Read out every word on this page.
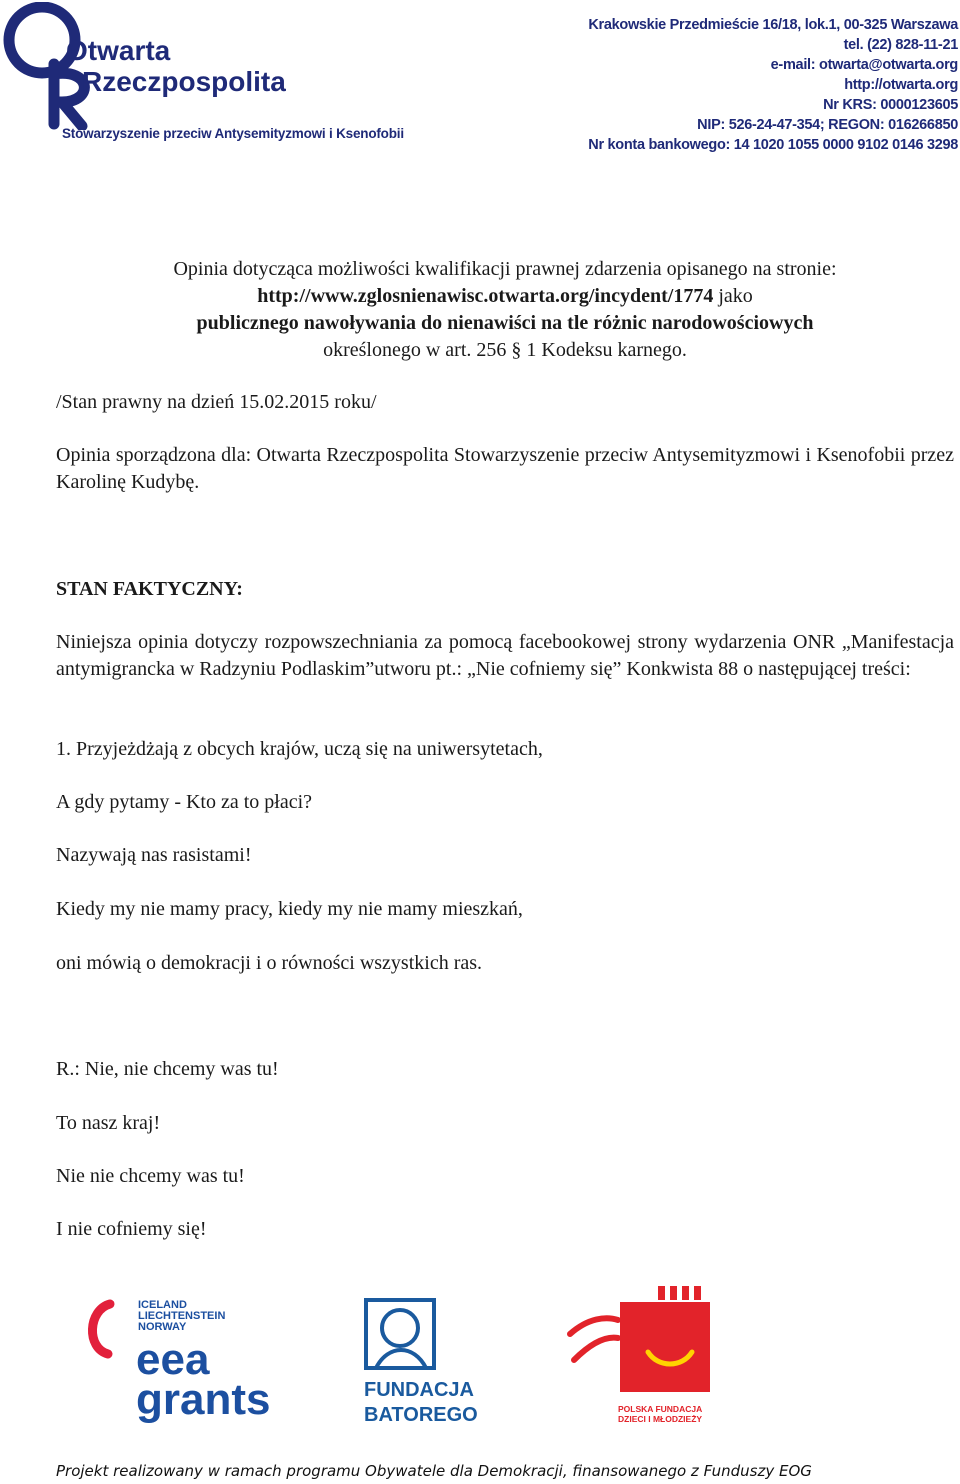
Otwarta
Rzeczpospolita
Stowarzyszenie przeciw Antysemityzmowi i Ksenofobii
Krakowskie Przedmieście 16/18, lok.1, 00-325 Warszawa
tel. (22) 828-11-21
e-mail: otwarta@otwarta.org
http://otwarta.org
Nr KRS: 0000123605
NIP: 526-24-47-354; REGON: 016266850
Nr konta bankowego: 14 1020 1055 0000 9102 0146 3298
Opinia dotycząca możliwości kwalifikacji prawnej zdarzenia opisanego na stronie:
http://www.zglosnienawisc.otwarta.org/incydent/1774 jako
publicznego nawoływania do nienawiści na tle różnic narodowościowych
określonego w art. 256 § 1 Kodeksu karnego.
/Stan prawny na dzień 15.02.2015 roku/
Opinia sporządzona dla: Otwarta Rzeczpospolita Stowarzyszenie przeciw Antysemityzmowi i Ksenofobii przez Karolinę Kudybę.
STAN FAKTYCZNY:
Niniejsza opinia dotyczy rozpowszechniania za pomocą facebookowej strony wydarzenia ONR „Manifestacja antymigrancka w Radzyniu Podlaskim”utworu pt.: „Nie cofniemy się” Konkwista 88 o następującej treści:
1. Przyjeżdżają z obcych krajów, uczą się na uniwersytetach,
A gdy pytamy - Kto za to płaci?
Nazywają nas rasistami!
Kiedy my nie mamy pracy, kiedy my nie mamy mieszkań,
oni mówią o demokracji i o równości wszystkich ras.
R.: Nie, nie chcemy was tu!
To nasz kraj!
Nie nie chcemy was tu!
I nie cofniemy się!
ICELAND
LIECHTENSTEIN
NORWAY
eea
grants	FUNDACJA
BATOREGO	POLSKA FUNDACJA
DZIECI I MŁODZIEŻY
Projekt realizowany w ramach programu Obywatele dla Demokracji, finansowanego z Funduszy EOG
